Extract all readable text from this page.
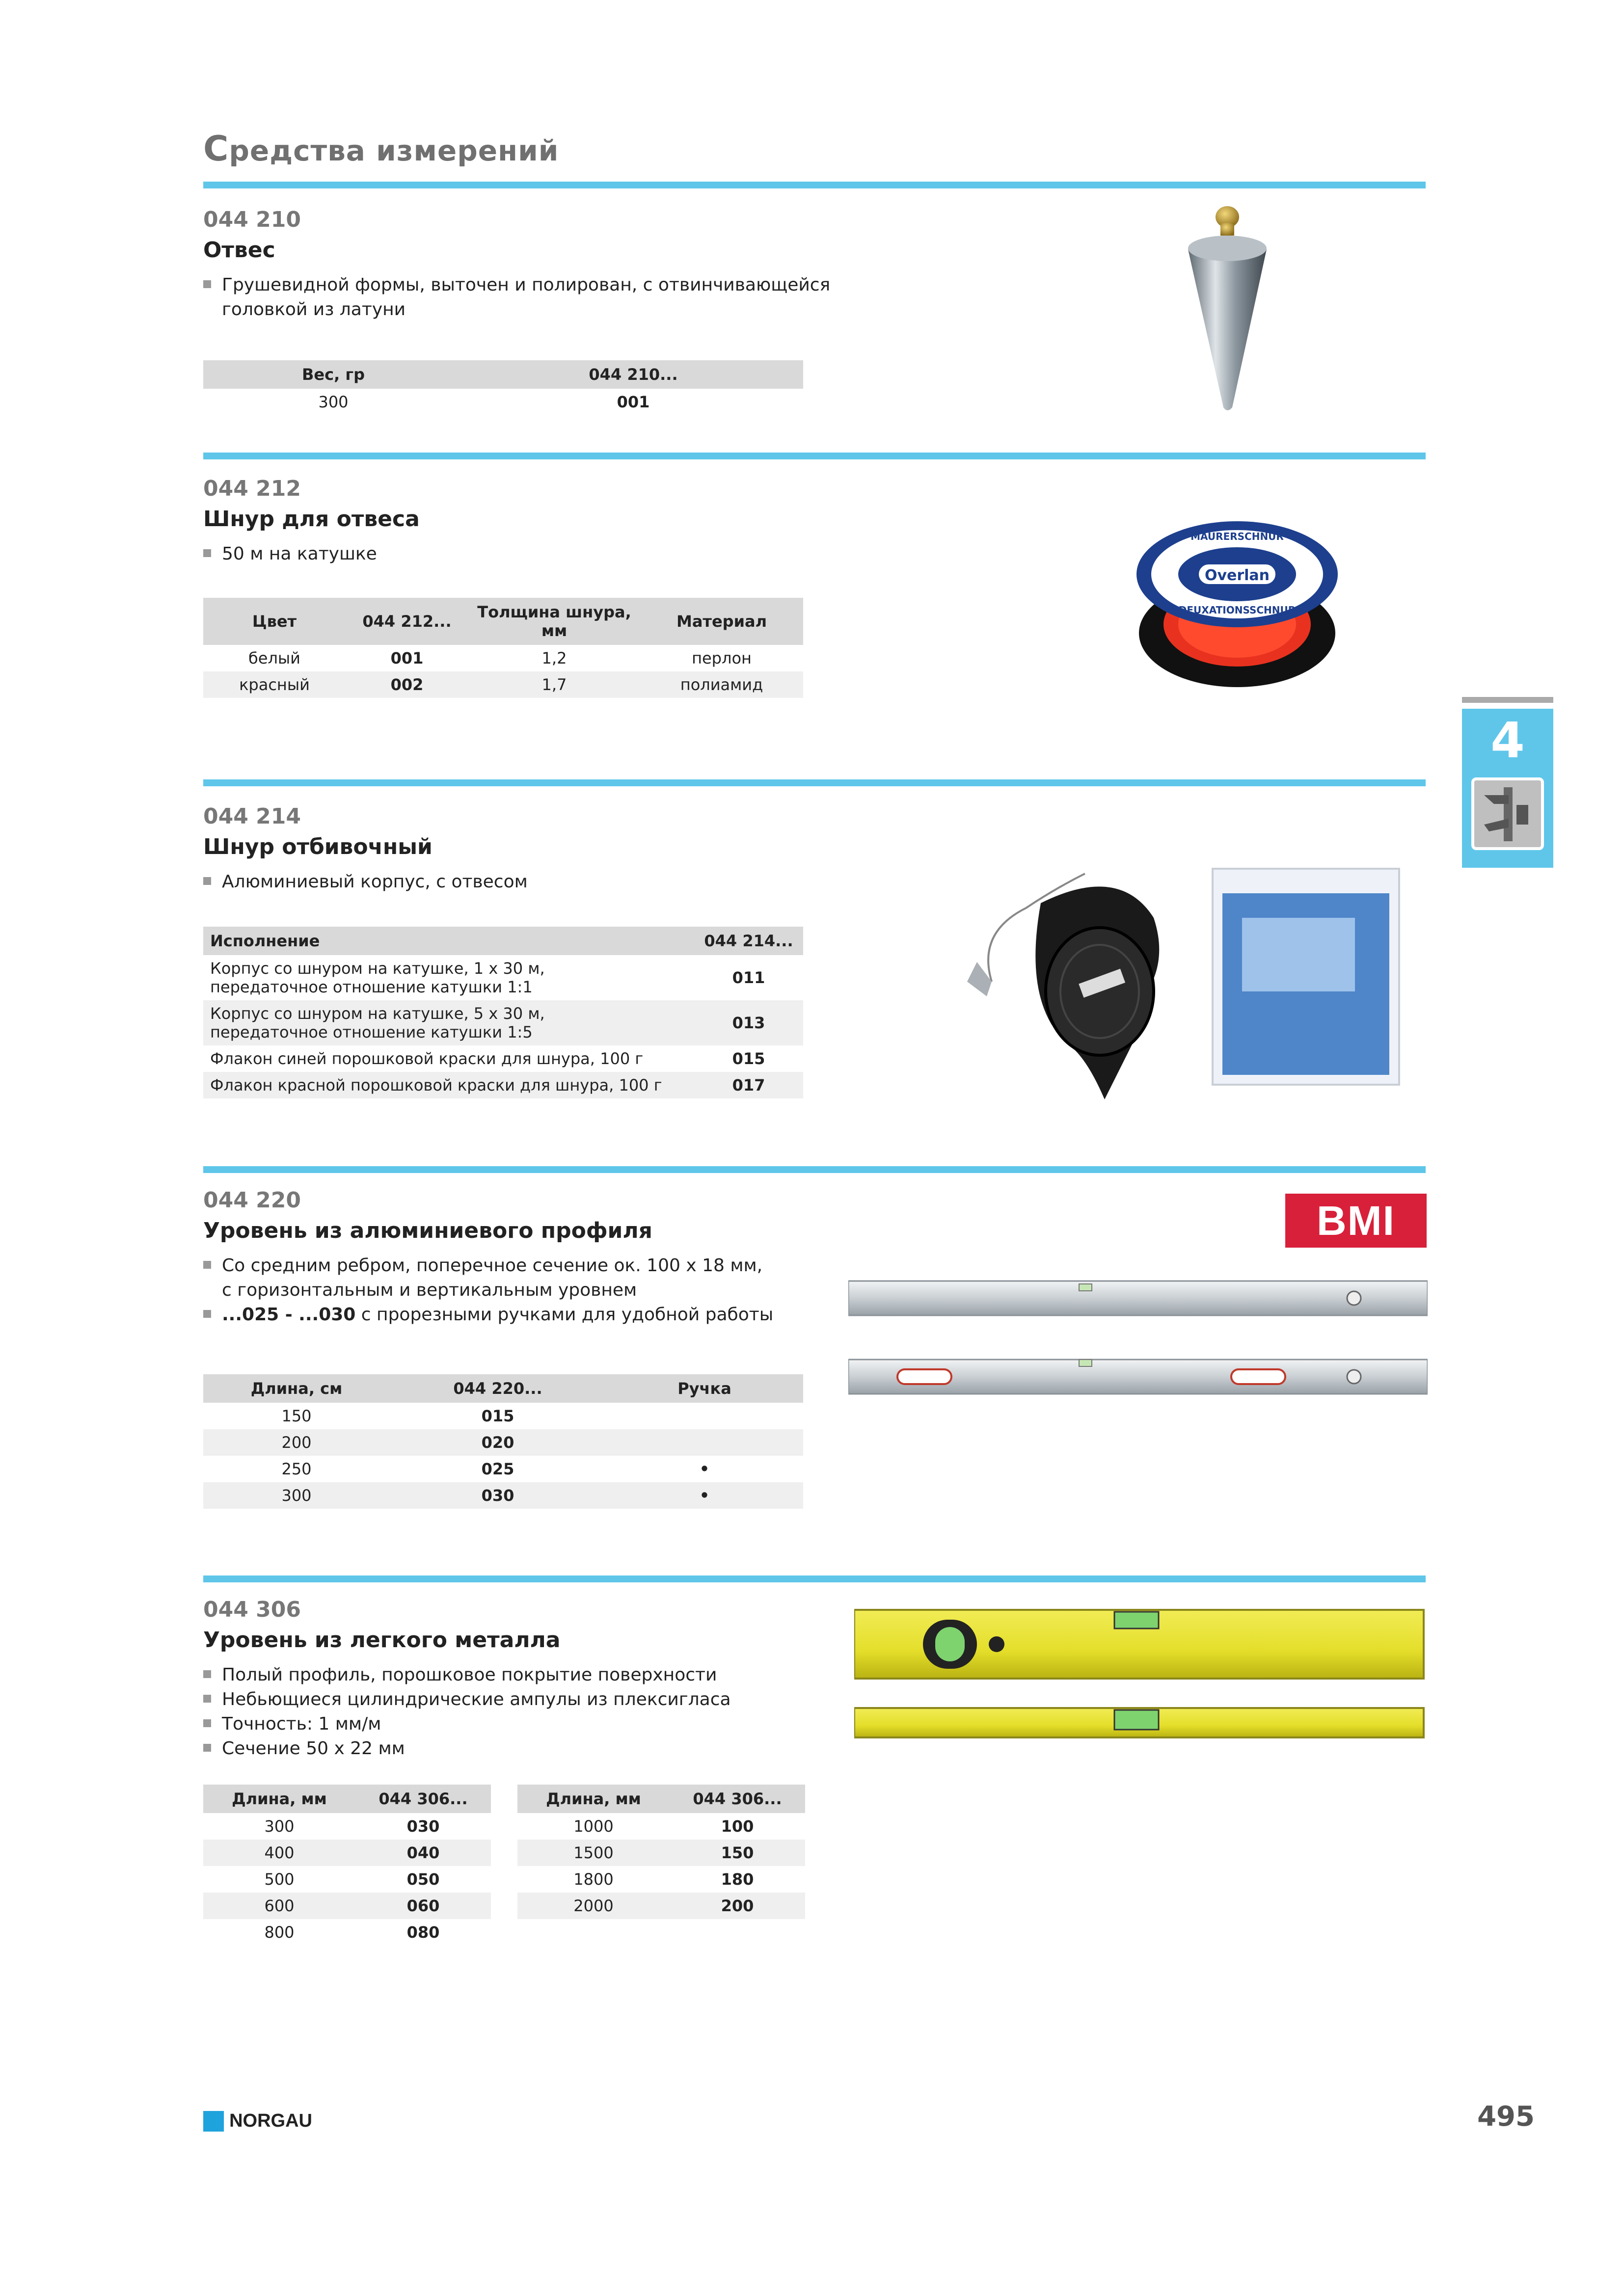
Средства измерений
044 210
Отвес
Грушевидной формы, выточен и полирован, с отвинчивающейся
головкой из латуни
Вес, гр	044 210...
300	001
044 212
Шнур для отвеса
50 м на катушке
Цвет	044 212...	Толщина шнура, мм	Материал
белый	001	1,2	перлон
красный	002	1,7	полиамид
Overlan
MAURERSCHNUR
DEUXATIONSSCHNUR
044 214
Шнур отбивочный
Алюминиевый корпус, с отвесом
Исполнение	044 214...

Корпус со шнуром на катушке, 1 х 30 м,
передаточное отношение катушки 1:1	011

Корпус со шнуром на катушке, 5 х 30 м,
передаточное отношение катушки 1:5	013
Флакон синей порошковой краски для шнура, 100 г	015
Флакон красной порошковой краски для шнура, 100 г	017
044 220
Уровень из алюминиевого профиля
Со средним ребром, поперечное сечение ок. 100 х 18 мм,
с горизонтальным и вертикальным уровнем
...025 - ...030 с прорезными ручками для удобной работы
BMI
Длина, см	044 220...	Ручка
150	015	
200	020	
250	025	•
300	030	•
044 306
Уровень из легкого металла
Полый профиль, порошковое покрытие поверхности
Небьющиеся цилиндрические ампулы из плексигласа
Точность: 1 мм/м
Сечение 50 х 22 мм
Длина, мм	044 306...
300	030
400	040
500	050
600	060
800	080
Длина, мм	044 306...
1000	100
1500	150
1800	180
2000	200
4
NORGAU	495
